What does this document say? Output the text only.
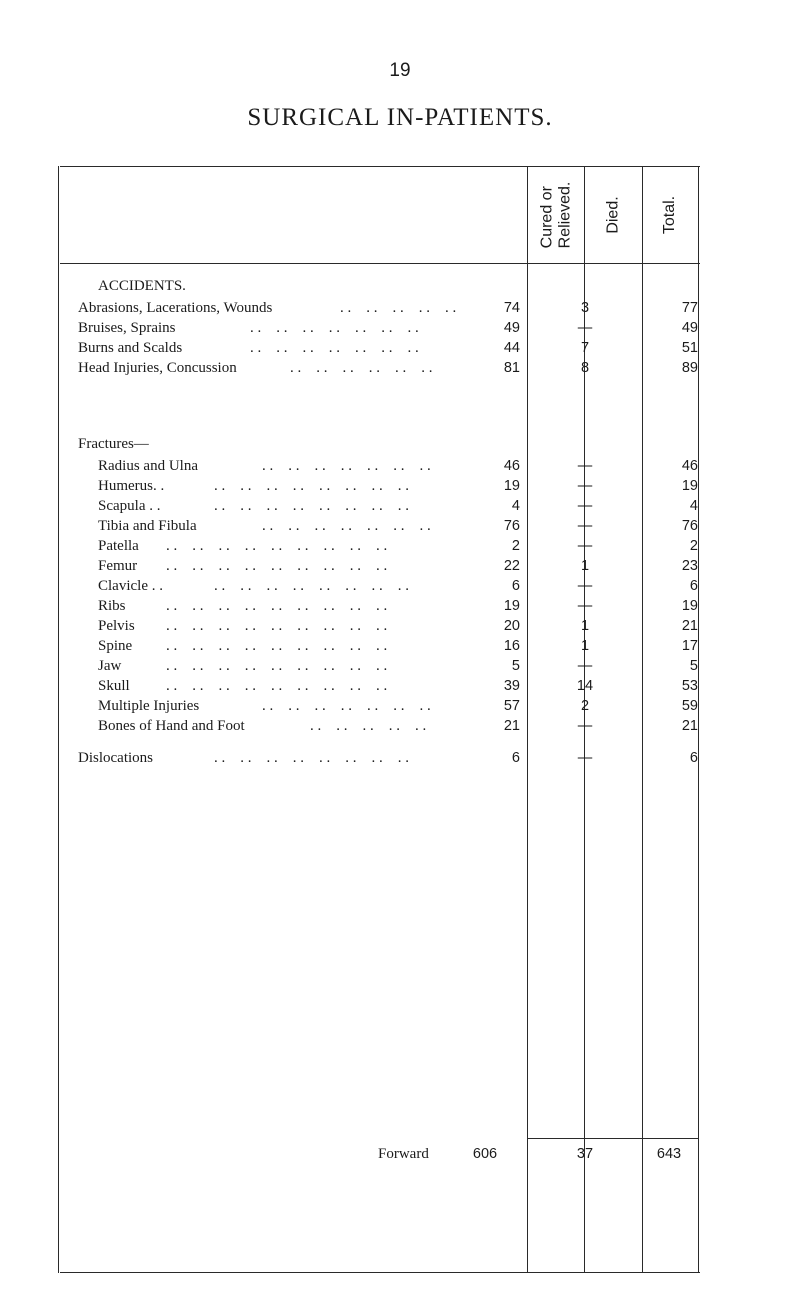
19
SURGICAL IN-PATIENTS.
Cured or
Relieved. Died.	Total.
ACCIDENTS.
Fractures—
Abrasions, Lacerations, Wounds	. .    . .    . .    . .    . .	74	3	77
Bruises, Sprains	. .    . .    . .    . .    . .    . .    . .	49	—	49
Burns and Scalds	. .    . .    . .    . .    . .    . .    . .	44	7	51
Head Injuries, Concussion	. .    . .    . .    . .    . .    . .	81	8	89
Radius and Ulna	. .    . .    . .    . .    . .    . .    . .	46	—	46
Humerus. .	. .    . .    . .    . .    . .    . .    . .    . .	19	—	19
Scapula . .	. .    . .    . .    . .    . .    . .    . .    . .	4	—	4
Tibia and Fibula	. .    . .    . .    . .    . .    . .    . .	76	—	76
Patella . .    . .    . .    . .    . .    . .    . .    . .    . .	2	—	2
Femur . .    . .    . .    . .    . .    . .    . .    . .    . .	22	1	23
Clavicle . .	. .    . .    . .    . .    . .    . .    . .    . .	6	—	6
Ribs	. .    . .    . .    . .    . .    . .    . .    . .    . .	19	—	19
Pelvis . .    . .    . .    . .    . .    . .    . .    . .    . .	20	1	21
Spine . .    . .    . .    . .    . .    . .    . .    . .    . .	16	1	17
Jaw	. .    . .    . .    . .    . .    . .    . .    . .    . .	5	—	5
Skull . .    . .    . .    . .    . .    . .    . .    . .    . .	39	14	53
Multiple Injuries	. .    . .    . .    . .    . .    . .    . .	57	2	59
Bones of Hand and Foot	. .    . .    . .    . .    . .	21	—	21
Dislocations	. .    . .    . .    . .    . .    . .    . .    . .	6	—	6
Forward	606	37	643
